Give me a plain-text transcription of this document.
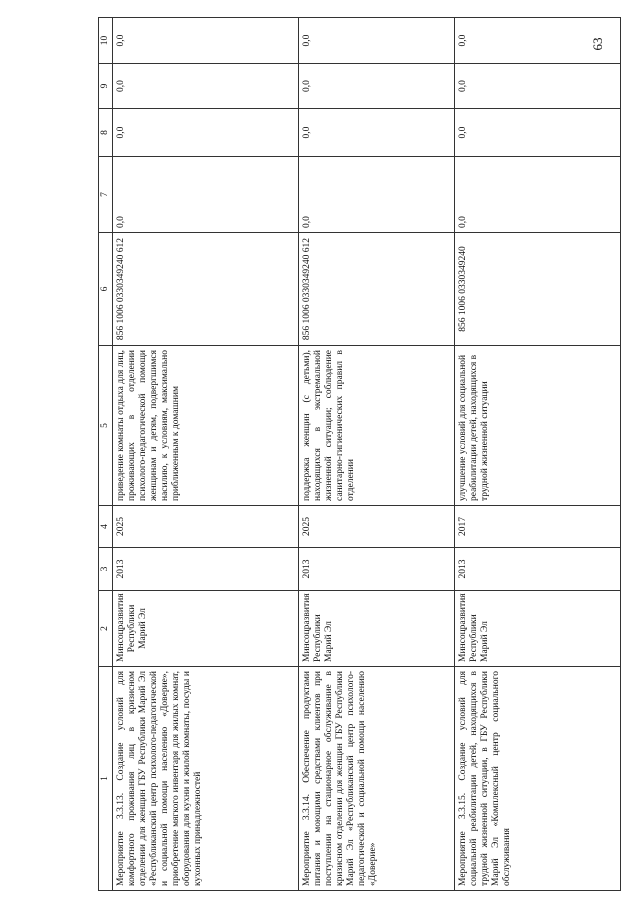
63
1	2	3	4	5	6	7	8	9	10
Мероприятие 3.3.13. Создание условий для комфортного проживания лиц в кризисном отделении для женщин ГБУ Республики Марий Эл «Республиканский центр психолого-педагогической и социальной помощи населению «Доверие», приобретение мягкого инвентаря для жилых комнат, оборудования для кухни и жилой комнаты, посуды и кухонных принадлежностей	Минсоцразвития Республики Марий Эл	2013	2025	приведение комнаты отдыха для лиц, проживающих в отделении психолого-педагогической помощи женщинам и детям, подвергшимся насилию, к условиям, максимально приближенным к домашним	856 1006 0330349240 612	0,0	0,0	0,0	0,0
Мероприятие 3.3.14. Обеспечение продуктами питания и моющими средствами клиентов при поступлении на стационарное обслуживание в кризисном отделении для женщин ГБУ Республики Марий Эл «Республиканский центр психолого-педагогической и социальной помощи населению «Доверие»	Минсоцразвития Республики Марий Эл	2013	2025	поддержка женщин (с детьми), находящихся в экстремальной жизненной ситуации; соблюдение санитарно-гигиенических правил в отделении	856 1006 0330349240 612	0,0	0,0	0,0	0,0
Мероприятие 3.3.15. Создание условий для социальной реабилитации детей, находящихся в трудной жизненной ситуации, в ГБУ Республики Марий Эл «Комплексный центр социального обслуживания	Минсоцразвития Республики Марий Эл	2013	2017	улучшение условий для социальной реабилитации детей, находящихся в трудной жизненной ситуации	856 1006 0330349240	0,0	0,0	0,0	0,0
